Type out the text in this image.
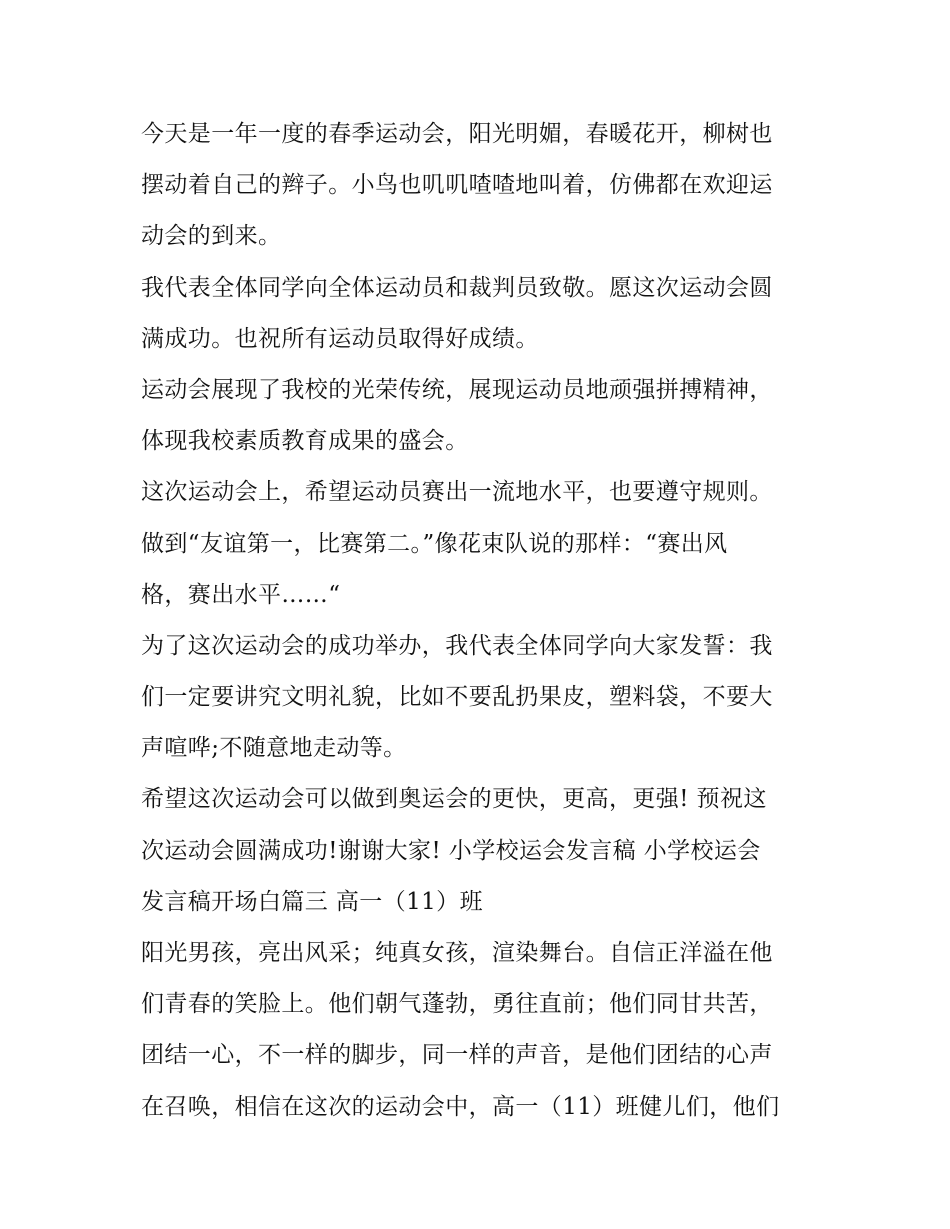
今天是一年一度的春季运动会，阳光明媚，春暖花开，柳树也
摆动着自己的辫子。小鸟也叽叽喳喳地叫着，仿佛都在欢迎运
动会的到来。
我代表全体同学向全体运动员和裁判员致敬。愿这次运动会圆
满成功。也祝所有运动员取得好成绩。
运动会展现了我校的光荣传统，展现运动员地顽强拼搏精神，
体现我校素质教育成果的盛会。
这次运动会上，希望运动员赛出一流地水平，也要遵守规则。
做到“友谊第一，比赛第二。”像花束队说的那样：“赛出风
格，赛出水平……“
为了这次运动会的成功举办，我代表全体同学向大家发誓：我
们一定要讲究文明礼貌，比如不要乱扔果皮，塑料袋，不要大
声喧哗;不随意地走动等。
希望这次运动会可以做到奥运会的更快，更高，更强! 预祝这
次运动会圆满成功!谢谢大家! 小学校运会发言稿 小学校运会
发言稿开场白篇三 高一（11）班
阳光男孩，亮出风采；纯真女孩，渲染舞台。自信正洋溢在他
们青春的笑脸上。他们朝气蓬勃，勇往直前；他们同甘共苦，
团结一心，不一样的脚步，同一样的声音，是他们团结的心声
在召唤，相信在这次的运动会中，高一（11）班健儿们，他们
